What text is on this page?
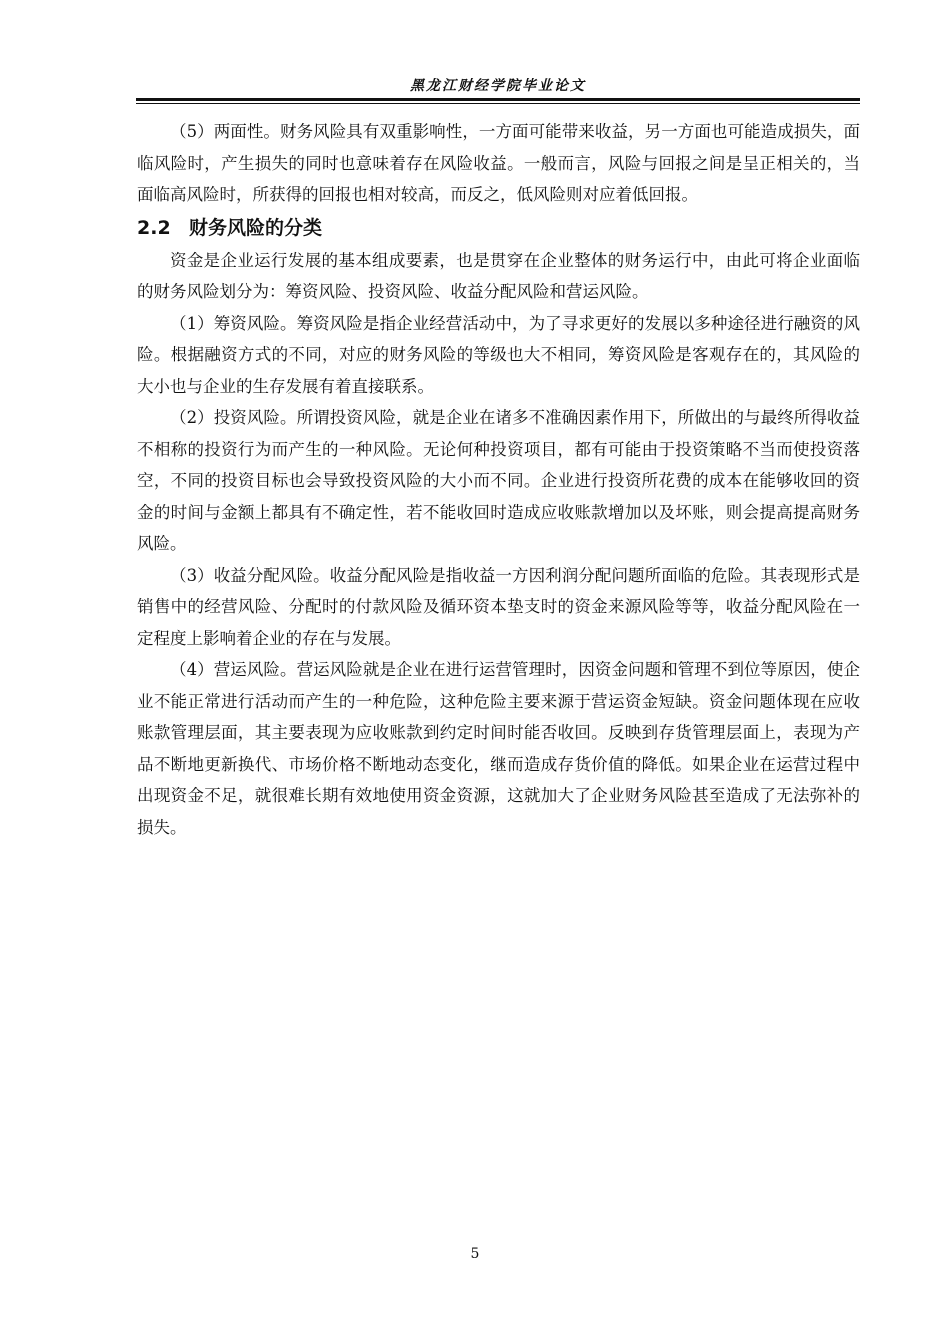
黑龙江财经学院毕业论文

（5）两面性。财务风险具有双重影响性，一方面可能带来收益，另一方面也可能造成损失，面临风险时，产生损失的同时也意味着存在风险收益。一般而言，风险与回报之间是呈正相关的，当面临高风险时，所获得的回报也相对较高，而反之，低风险则对应着低回报。

2.2 财务风险的分类

资金是企业运行发展的基本组成要素，也是贯穿在企业整体的财务运行中，由此可将企业面临的财务风险划分为：筹资风险、投资风险、收益分配风险和营运风险。

（1）筹资风险。筹资风险是指企业经营活动中，为了寻求更好的发展以多种途径进行融资的风险。根据融资方式的不同，对应的财务风险的等级也大不相同，筹资风险是客观存在的，其风险的大小也与企业的生存发展有着直接联系。

（2）投资风险。所谓投资风险，就是企业在诸多不准确因素作用下，所做出的与最终所得收益不相称的投资行为而产生的一种风险。无论何种投资项目，都有可能由于投资策略不当而使投资落空，不同的投资目标也会导致投资风险的大小而不同。企业进行投资所花费的成本在能够收回的资金的时间与金额上都具有不确定性，若不能收回时造成应收账款增加以及坏账，则会提高提高财务风险。

（3）收益分配风险。收益分配风险是指收益一方因利润分配问题所面临的危险。其表现形式是销售中的经营风险、分配时的付款风险及循环资本垫支时的资金来源风险等等，收益分配风险在一定程度上影响着企业的存在与发展。

（4）营运风险。营运风险就是企业在进行运营管理时，因资金问题和管理不到位等原因，使企业不能正常进行活动而产生的一种危险，这种危险主要来源于营运资金短缺。资金问题体现在应收账款管理层面，其主要表现为应收账款到约定时间时能否收回。反映到存货管理层面上，表现为产品不断地更新换代、市场价格不断地动态变化，继而造成存货价值的降低。如果企业在运营过程中出现资金不足，就很难长期有效地使用资金资源，这就加大了企业财务风险甚至造成了无法弥补的损失。

5
